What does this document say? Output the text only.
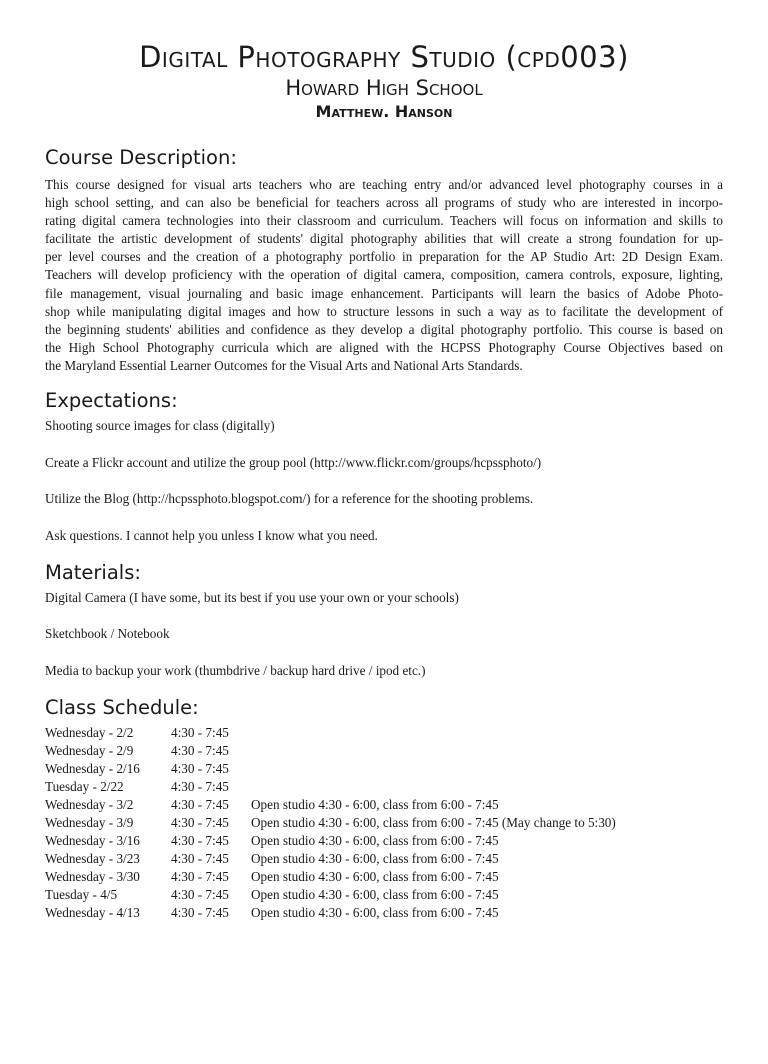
Digital Photography Studio (cpd003)
Howard High School
Matthew. Hanson
Course Description:
This course designed for visual arts teachers who are teaching entry and/or advanced level photography courses in a
high school setting, and can also be beneficial for teachers across all programs of study who are interested in incorpo-
rating digital camera technologies into their classroom and curriculum. Teachers will focus on information and skills to
facilitate the artistic development of students' digital photography abilities that will create a strong foundation for up-
per level courses and the creation of a photography portfolio in preparation for the AP Studio Art: 2D Design Exam.
Teachers will develop proficiency with the operation of digital camera, composition, camera controls, exposure, lighting,
file management, visual journaling and basic image enhancement. Participants will learn the basics of Adobe Photo-
shop while manipulating digital images and how to structure lessons in such a way as to facilitate the development of
the beginning students' abilities and confidence as they develop a digital photography portfolio. This course is based on
the High School Photography curricula which are aligned with the HCPSS Photography Course Objectives based on
the Maryland Essential Learner Outcomes for the Visual Arts and National Arts Standards.
Expectations:
Shooting source images for class (digitally)
Create a Flickr account and utilize the group pool (http://www.flickr.com/groups/hcpssphoto/)
Utilize the Blog (http://hcpssphoto.blogspot.com/) for a reference for the shooting problems.
Ask questions. I cannot help you unless I know what you need.
Materials:
Digital Camera (I have some, but its best if you use your own or your schools)
Sketchbook / Notebook
Media to backup your work (thumbdrive / backup hard drive / ipod etc.)
Class Schedule:
Wednesday - 2/2	4:30 - 7:45	
Wednesday - 2/9	4:30 - 7:45	
Wednesday - 2/16	4:30 - 7:45	
Tuesday - 2/22	4:30 - 7:45	
Wednesday - 3/2	4:30 - 7:45	Open studio 4:30 - 6:00, class from 6:00 - 7:45
Wednesday - 3/9	4:30 - 7:45	Open studio 4:30 - 6:00, class from 6:00 - 7:45 (May change to 5:30)
Wednesday - 3/16	4:30 - 7:45	Open studio 4:30 - 6:00, class from 6:00 - 7:45
Wednesday - 3/23	4:30 - 7:45	Open studio 4:30 - 6:00, class from 6:00 - 7:45
Wednesday - 3/30	4:30 - 7:45	Open studio 4:30 - 6:00, class from 6:00 - 7:45
Tuesday - 4/5	4:30 - 7:45	Open studio 4:30 - 6:00, class from 6:00 - 7:45
Wednesday - 4/13	4:30 - 7:45	Open studio 4:30 - 6:00, class from 6:00 - 7:45
